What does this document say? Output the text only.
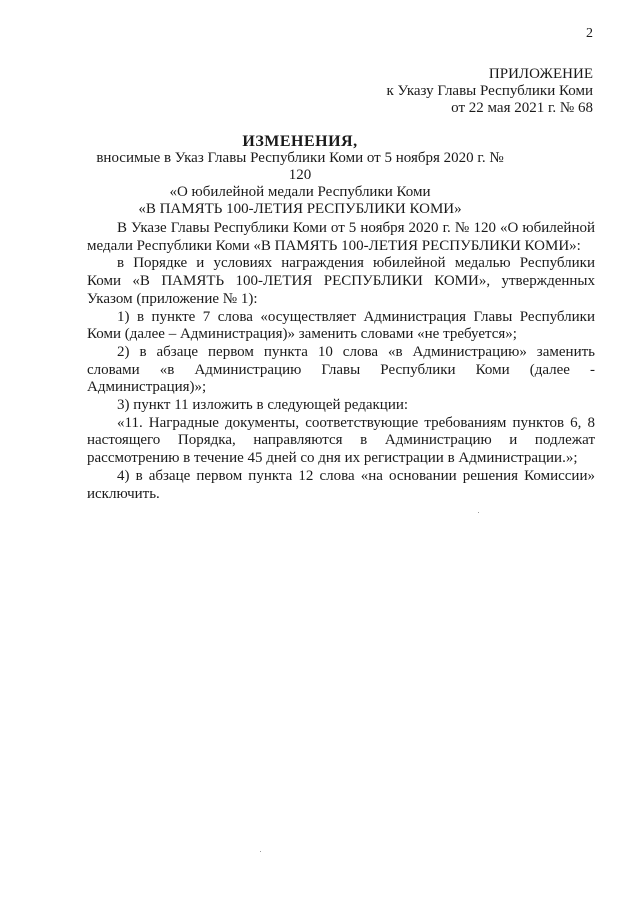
2
ПРИЛОЖЕНИЕ
к Указу Главы Республики Коми
от 22 мая 2021 г. № 68
ИЗМЕНЕНИЯ,
вносимые в Указ Главы Республики Коми от 5 ноября 2020 г. № 120
«О юбилейной медали Республики Коми
«В ПАМЯТЬ 100-ЛЕТИЯ РЕСПУБЛИКИ КОМИ»

В Указе Главы Республики Коми от 5 ноября 2020 г. № 120 «О юбилейной медали Республики Коми «В ПАМЯТЬ 100-ЛЕТИЯ РЕСПУБЛИКИ КОМИ»:

в Порядке и условиях награждения юбилейной медалью Республики Коми «В ПАМЯТЬ 100-ЛЕТИЯ РЕСПУБЛИКИ КОМИ», утвержденных Указом (приложение № 1):

1) в пункте 7 слова «осуществляет Администрация Главы Республики Коми (далее – Администрация)» заменить словами «не требуется»;

2) в абзаце первом пункта 10 слова «в Администрацию» заменить словами «в Администрацию Главы Республики Коми (далее - Администрация)»;

3) пункт 11 изложить в следующей редакции:

«11. Наградные документы, соответствующие требованиям пунктов 6, 8 настоящего Порядка, направляются в Администрацию и подлежат рассмотрению в течение 45 дней со дня их регистрации в Администрации.»;

4) в абзаце первом пункта 12 слова «на основании решения Комиссии» исключить.
